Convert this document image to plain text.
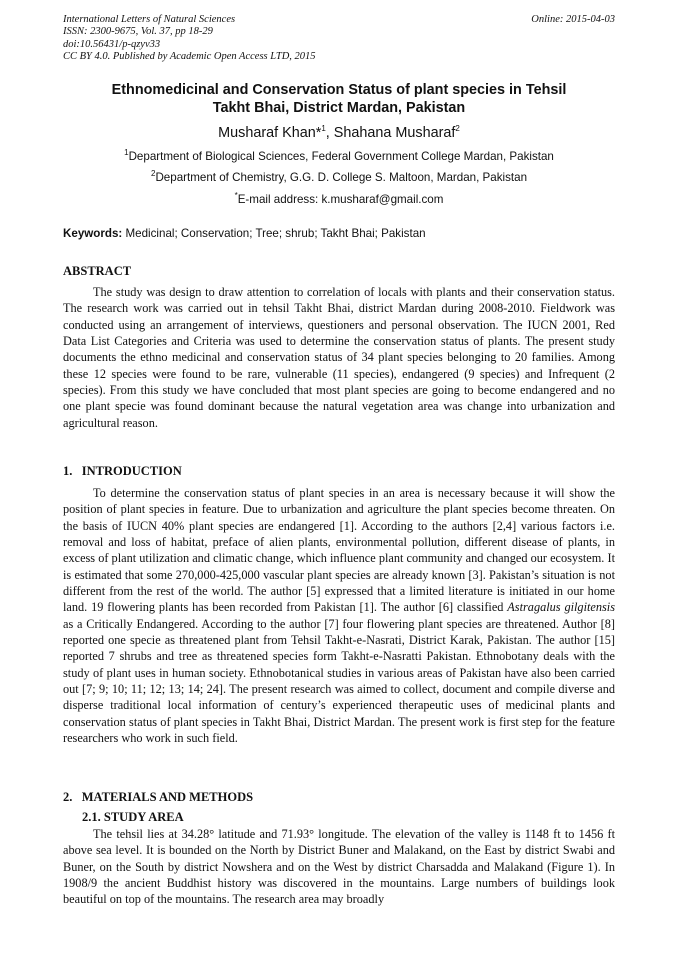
International Letters of Natural Sciences
ISSN: 2300-9675, Vol. 37, pp 18-29
doi:10.56431/p-qzyv33
CC BY 4.0. Published by Academic Open Access LTD, 2015
Online: 2015-04-03
Ethnomedicinal and Conservation Status of plant species in Tehsil
Takht Bhai, District Mardan, Pakistan
Musharaf Khan*$^1$, Shahana Musharaf$^2$
$^1$Department of Biological Sciences, Federal Government College Mardan, Pakistan
$^2$Department of Chemistry, G.G. D. College S. Maltoon, Mardan, Pakistan
*E-mail address: k.musharaf@gmail.com
Keywords: Medicinal; Conservation; Tree; shrub; Takht Bhai; Pakistan
ABSTRACT
The study was design to draw attention to correlation of locals with plants and their conservation status. The research work was carried out in tehsil Takht Bhai, district Mardan during 2008-2010. Fieldwork was conducted using an arrangement of interviews, questioners and personal observation. The IUCN 2001, Red Data List Categories and Criteria was used to determine the conservation status of plants. The present study documents the ethno medicinal and conservation status of 34 plant species belonging to 20 families. Among these 12 species were found to be rare, vulnerable (11 species), endangered (9 species) and Infrequent (2 species). From this study we have concluded that most plant species are going to become endangered and no one plant specie was found dominant because the natural vegetation area was change into urbanization and agricultural reason.
1.   INTRODUCTION
To determine the conservation status of plant species in an area is necessary because it will show the position of plant species in feature. Due to urbanization and agriculture the plant species become threaten. On the basis of IUCN 40% plant species are endangered [1]. According to the authors [2,4] various factors i.e. removal and loss of habitat, preface of alien plants, environmental pollution, different disease of plants, in excess of plant utilization and climatic change, which influence plant community and changed our ecosystem. It is estimated that some 270,000-425,000 vascular plant species are already known [3]. Pakistan’s situation is not different from the rest of the world. The author [5] expressed that a limited literature is initiated in our home land. 19 flowering plants has been recorded from Pakistan [1]. The author [6] classified Astragalus gilgitensis as a Critically Endangered. According to the author [7] four flowering plant species are threatened. Author [8] reported one specie as threatened plant from Tehsil Takht-e-Nasrati, District Karak, Pakistan. The author [15] reported 7 shrubs and tree as threatened species form Takht-e-Nasratti Pakistan. Ethnobotany deals with the study of plant uses in human society. Ethnobotanical studies in various areas of Pakistan have also been carried out [7; 9; 10; 11; 12; 13; 14; 24]. The present research was aimed to collect, document and compile diverse and disperse traditional local information of century’s experienced therapeutic uses of medicinal plants and conservation status of plant species in Takht Bhai, District Mardan. The present work is first step for the feature researchers who work in such field.
2.   MATERIALS AND METHODS
2.1. STUDY AREA
The tehsil lies at 34.28° latitude and 71.93° longitude. The elevation of the valley is 1148 ft to 1456 ft above sea level. It is bounded on the North by District Buner and Malakand, on the East by district Swabi and Buner, on the South by district Nowshera and on the West by district Charsadda and Malakand (Figure 1). In 1908/9 the ancient Buddhist history was discovered in the mountains. Large numbers of buildings look beautiful on top of the mountains. The research area may broadly
